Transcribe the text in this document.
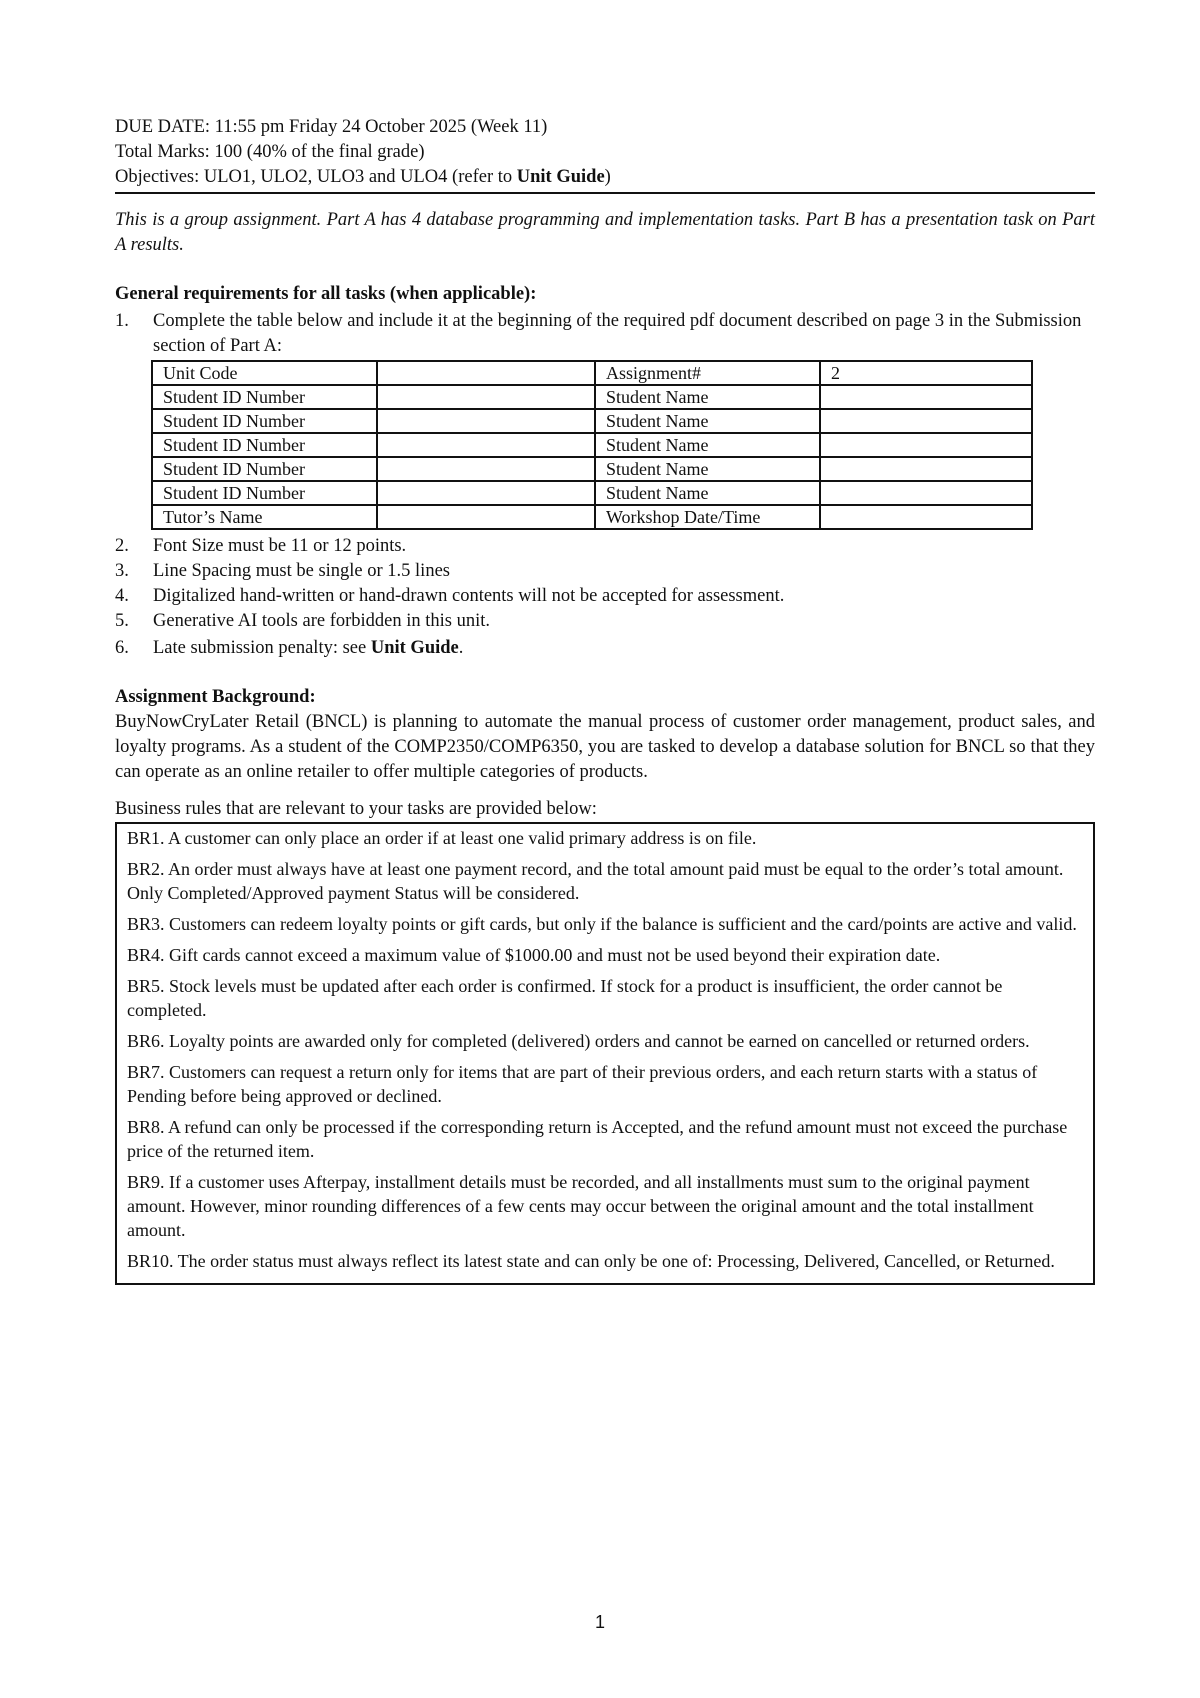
DUE DATE: 11:55 pm Friday 24 October 2025 (Week 11)
Total Marks: 100 (40% of the final grade)
Objectives: ULO1, ULO2, ULO3 and ULO4 (refer to Unit Guide)
This is a group assignment. Part A has 4 database programming and implementation tasks. Part B has a presentation task on Part A results.
General requirements for all tasks (when applicable):
1. Complete the table below and include it at the beginning of the required pdf document described on page 3 in the Submission section of Part A:
Unit Code		Assignment#	2
Student ID Number		Student Name	
Student ID Number		Student Name	
Student ID Number		Student Name	
Student ID Number		Student Name	
Student ID Number		Student Name	
Tutor’s Name		Workshop Date/Time	
2. Font Size must be 11 or 12 points.
3. Line Spacing must be single or 1.5 lines
4. Digitalized hand-written or hand-drawn contents will not be accepted for assessment.
5. Generative AI tools are forbidden in this unit.
6. Late submission penalty: see Unit Guide.
Assignment Background:
BuyNowCryLater Retail (BNCL) is planning to automate the manual process of customer order management, product sales, and loyalty programs. As a student of the COMP2350/COMP6350, you are tasked to develop a database solution for BNCL so that they can operate as an online retailer to offer multiple categories of products.
Business rules that are relevant to your tasks are provided below:
BR1. A customer can only place an order if at least one valid primary address is on file.
BR2. An order must always have at least one payment record, and the total amount paid must be equal to the order’s total amount. Only Completed/Approved payment Status will be considered.
BR3. Customers can redeem loyalty points or gift cards, but only if the balance is sufficient and the card/points are active and valid.
BR4. Gift cards cannot exceed a maximum value of $1000.00 and must not be used beyond their expiration date.
BR5. Stock levels must be updated after each order is confirmed. If stock for a product is insufficient, the order cannot be completed.
BR6. Loyalty points are awarded only for completed (delivered) orders and cannot be earned on cancelled or returned orders.
BR7. Customers can request a return only for items that are part of their previous orders, and each return starts with a status of Pending before being approved or declined.
BR8. A refund can only be processed if the corresponding return is Accepted, and the refund amount must not exceed the purchase price of the returned item.
BR9. If a customer uses Afterpay, installment details must be recorded, and all installments must sum to the original payment amount. However, minor rounding differences of a few cents may occur between the original amount and the total installment amount.
BR10. The order status must always reflect its latest state and can only be one of: Processing, Delivered, Cancelled, or Returned.
1
